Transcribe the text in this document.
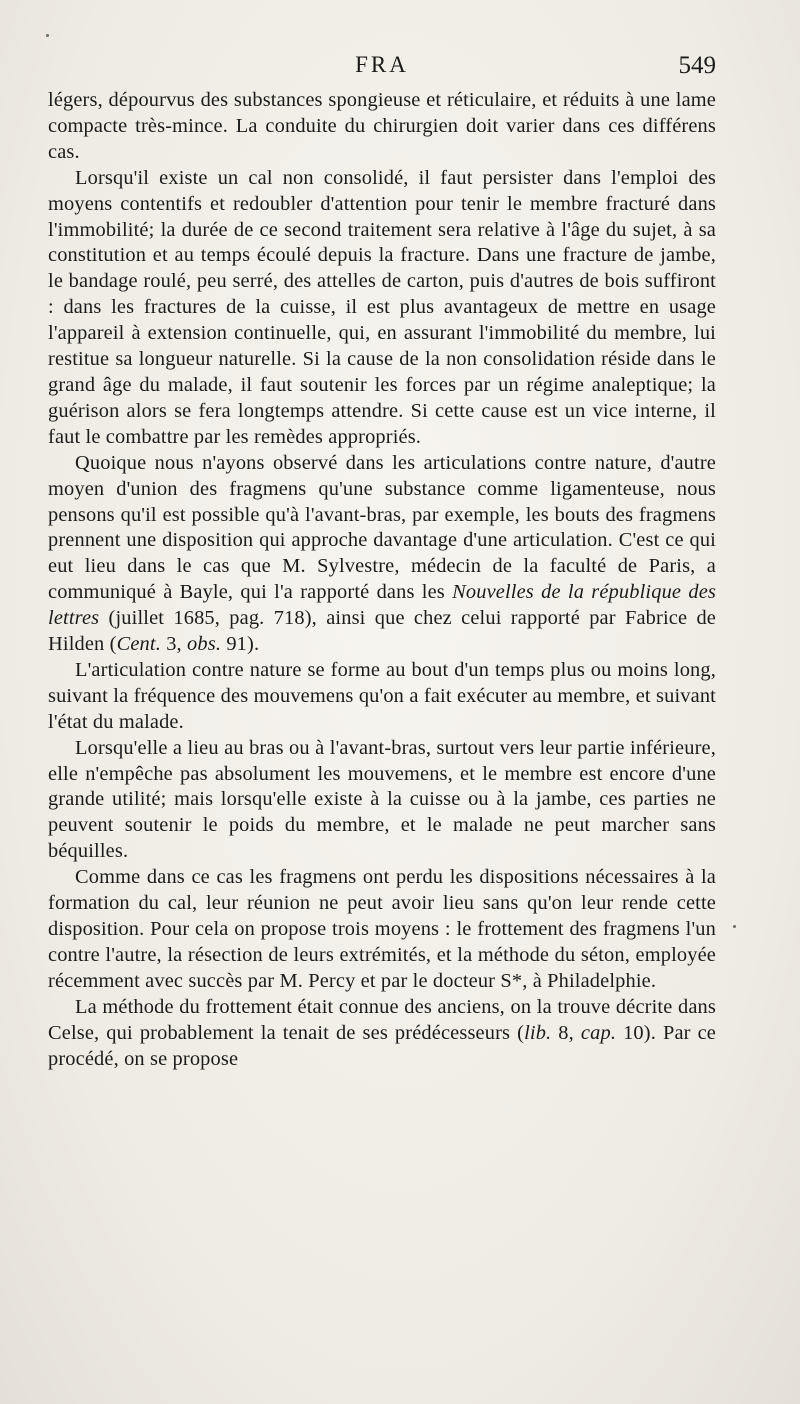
FRA	549

légers, dépourvus des substances spongieuse et réticulaire, et réduits à une lame compacte très-mince. La conduite du chirurgien doit varier dans ces différens cas.

Lorsqu'il existe un cal non consolidé, il faut persister dans l'emploi des moyens contentifs et redoubler d'attention pour tenir le membre fracturé dans l'immobilité; la durée de ce second traitement sera relative à l'âge du sujet, à sa constitution et au temps écoulé depuis la fracture. Dans une fracture de jambe, le bandage roulé, peu serré, des attelles de carton, puis d'autres de bois suffiront : dans les fractures de la cuisse, il est plus avantageux de mettre en usage l'appareil à extension continuelle, qui, en assurant l'immobilité du membre, lui restitue sa longueur naturelle. Si la cause de la non consolidation réside dans le grand âge du malade, il faut soutenir les forces par un régime analeptique; la guérison alors se fera longtemps attendre. Si cette cause est un vice interne, il faut le combattre par les remèdes appropriés.

Quoique nous n'ayons observé dans les articulations contre nature, d'autre moyen d'union des fragmens qu'une substance comme ligamenteuse, nous pensons qu'il est possible qu'à l'avant-bras, par exemple, les bouts des fragmens prennent une disposition qui approche davantage d'une articulation. C'est ce qui eut lieu dans le cas que M. Sylvestre, médecin de la faculté de Paris, a communiqué à Bayle, qui l'a rapporté dans les Nouvelles de la république des lettres (juillet 1685, pag. 718), ainsi que chez celui rapporté par Fabrice de Hilden (Cent. 3, obs. 91).

L'articulation contre nature se forme au bout d'un temps plus ou moins long, suivant la fréquence des mouvemens qu'on a fait exécuter au membre, et suivant l'état du malade.

Lorsqu'elle a lieu au bras ou à l'avant-bras, surtout vers leur partie inférieure, elle n'empêche pas absolument les mouvemens, et le membre est encore d'une grande utilité; mais lorsqu'elle existe à la cuisse ou à la jambe, ces parties ne peuvent soutenir le poids du membre, et le malade ne peut marcher sans béquilles.

Comme dans ce cas les fragmens ont perdu les dispositions nécessaires à la formation du cal, leur réunion ne peut avoir lieu sans qu'on leur rende cette disposition. Pour cela on propose trois moyens : le frottement des fragmens l'un contre l'autre, la résection de leurs extrémités, et la méthode du séton, employée récemment avec succès par M. Percy et par le docteur S*, à Philadelphie.

La méthode du frottement était connue des anciens, on la trouve décrite dans Celse, qui probablement la tenait de ses prédécesseurs (lib. 8, cap. 10). Par ce procédé, on se propose
